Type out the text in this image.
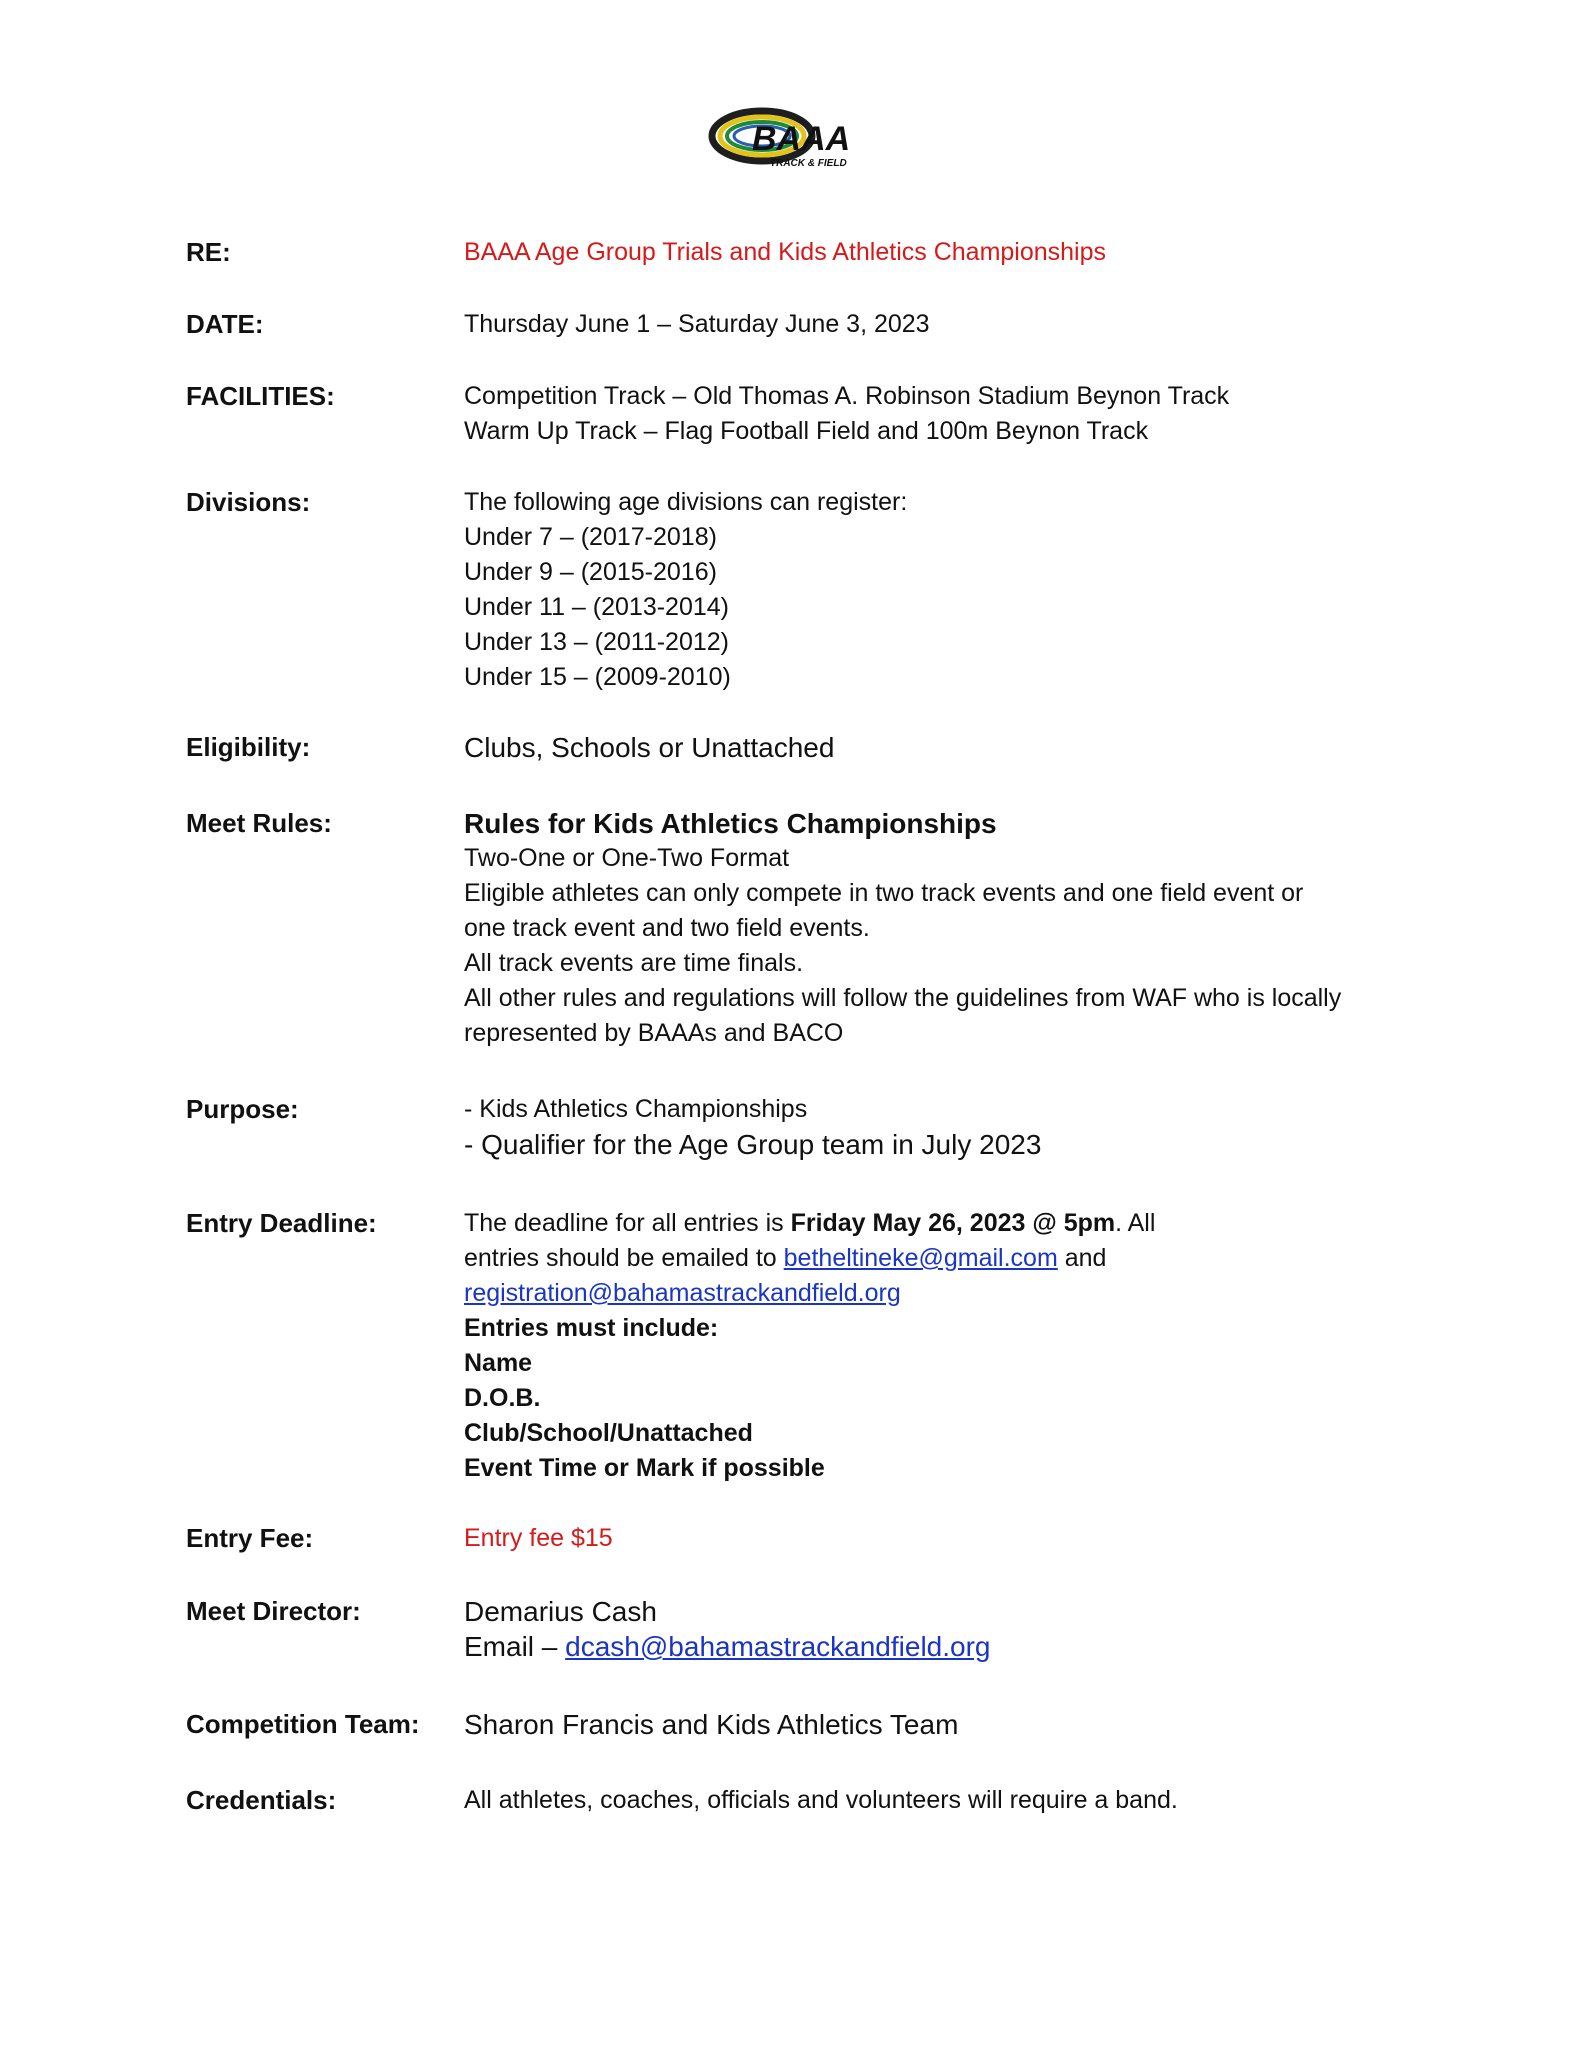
BAAA
TRACK & FIELD
RE:	BAAA Age Group Trials and Kids Athletics Championships
DATE:	Thursday June 1 – Saturday June 3, 2023
FACILITIES:	Competition Track – Old Thomas A. Robinson Stadium Beynon Track
Warm Up Track – Flag Football Field and 100m Beynon Track
Divisions:	The following age divisions can register:
Under 7 – (2017-2018)
Under 9 – (2015-2016)
Under 11 – (2013-2014)
Under 13 – (2011-2012)
Under 15 – (2009-2010)
Eligibility:	Clubs, Schools or Unattached
Meet Rules:	Rules for Kids Athletics Championships
Two-One or One-Two Format
Eligible athletes can only compete in two track events and one field event or
one track event and two field events.
All track events are time finals.
All other rules and regulations will follow the guidelines from WAF who is locally
represented by BAAAs and BACO
Purpose:	- Kids Athletics Championships
- Qualifier for the Age Group team in July 2023
Entry Deadline:	The deadline for all entries is Friday May 26, 2023 @ 5pm. All
entries should be emailed to betheltineke@gmail.com and
registration@bahamastrackandfield.org
Entries must include:
Name
D.O.B.
Club/School/Unattached
Event Time or Mark if possible
Entry Fee:	Entry fee $15
Meet Director:	Demarius Cash
Email – dcash@bahamastrackandfield.org
Competition Team: Sharon Francis and Kids Athletics Team
Credentials:	All athletes, coaches, officials and volunteers will require a band.
